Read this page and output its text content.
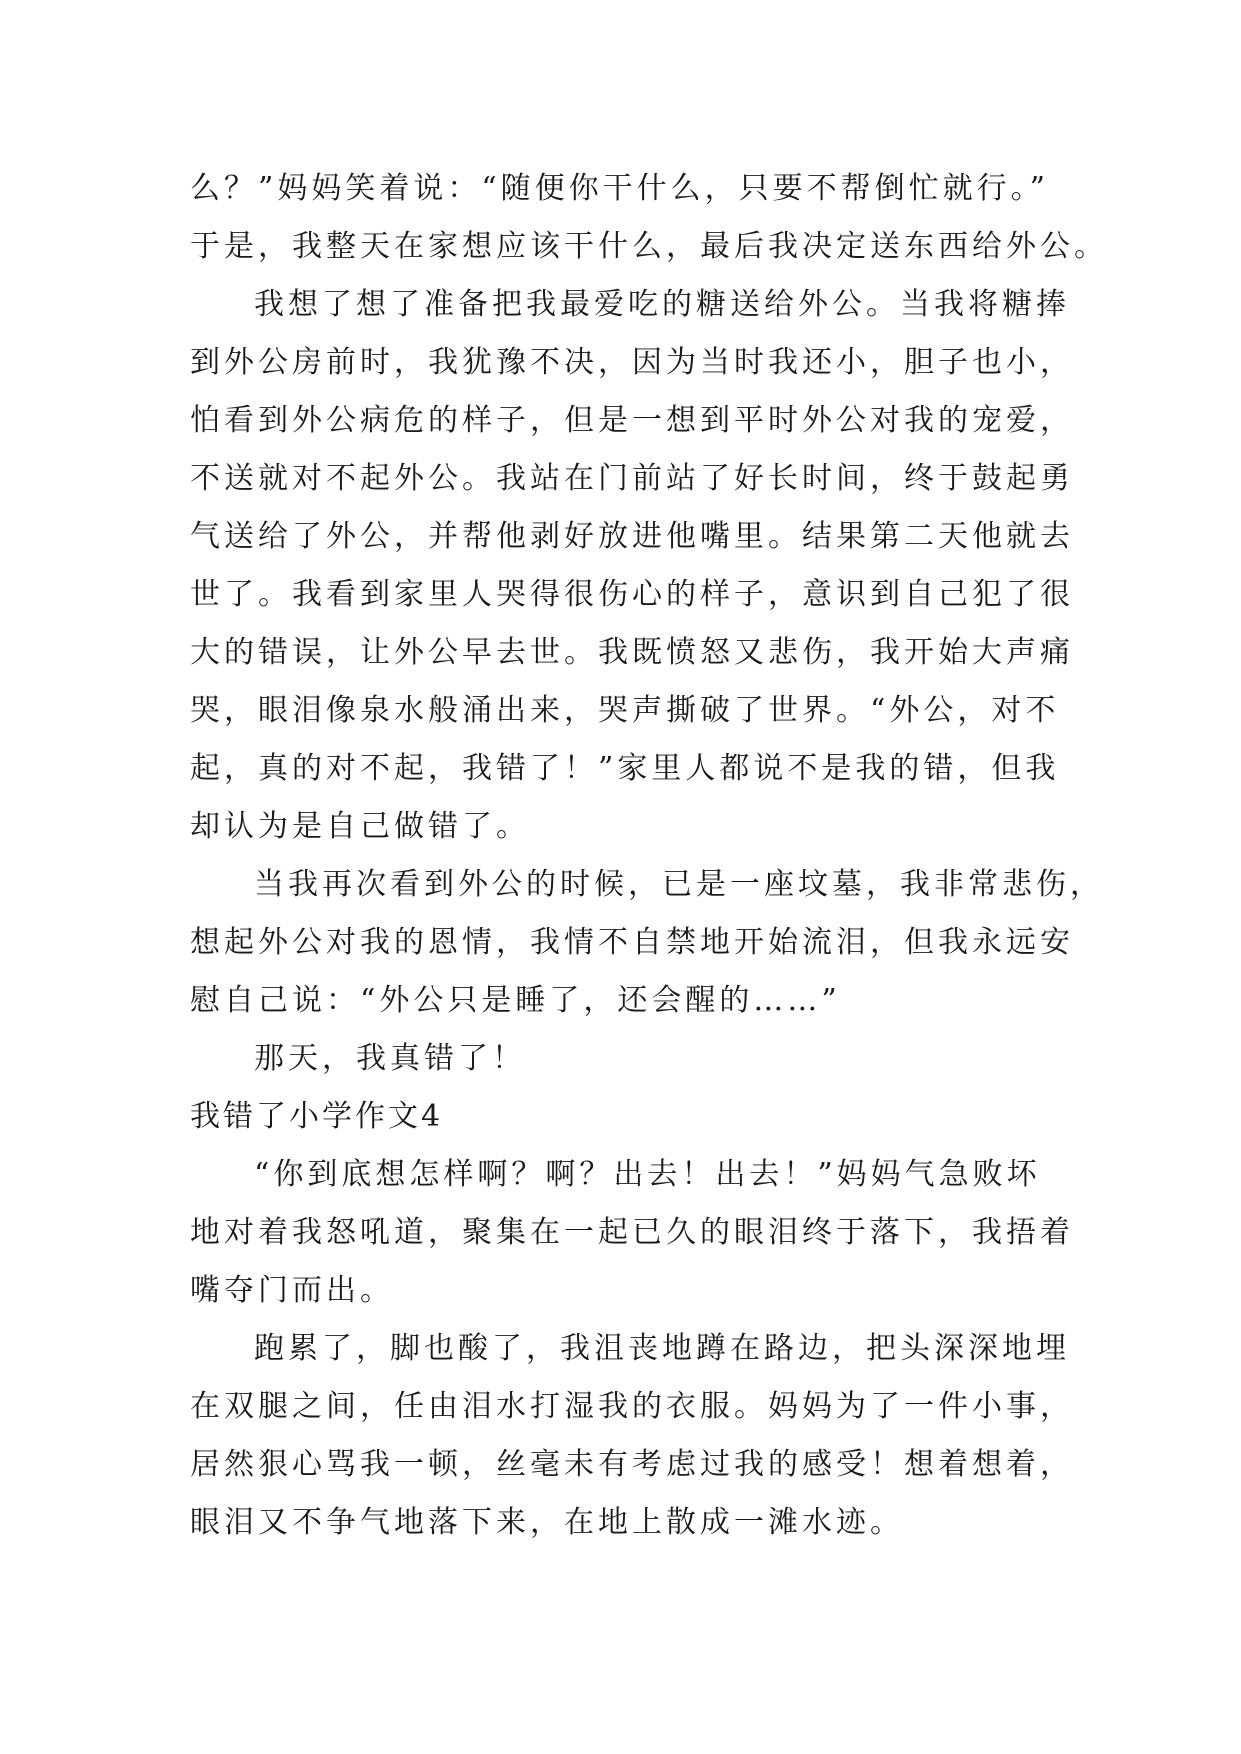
么？”妈妈笑着说：“随便你干什么，只要不帮倒忙就行。”
于是，我整天在家想应该干什么，最后我决定送东西给外公。
我想了想了准备把我最爱吃的糖送给外公。当我将糖捧
到外公房前时，我犹豫不决，因为当时我还小，胆子也小，
怕看到外公病危的样子，但是一想到平时外公对我的宠爱，
不送就对不起外公。我站在门前站了好长时间，终于鼓起勇
气送给了外公，并帮他剥好放进他嘴里。结果第二天他就去
世了。我看到家里人哭得很伤心的样子，意识到自己犯了很
大的错误，让外公早去世。我既愤怒又悲伤，我开始大声痛
哭，眼泪像泉水般涌出来，哭声撕破了世界。“外公，对不
起，真的对不起，我错了！”家里人都说不是我的错，但我
却认为是自己做错了。
当我再次看到外公的时候，已是一座坟墓，我非常悲伤，
想起外公对我的恩情，我情不自禁地开始流泪，但我永远安
慰自己说：“外公只是睡了，还会醒的……”
那天，我真错了！
我错了小学作文4
“你到底想怎样啊？啊？出去！出去！”妈妈气急败坏
地对着我怒吼道，聚集在一起已久的眼泪终于落下，我捂着
嘴夺门而出。
跑累了，脚也酸了，我沮丧地蹲在路边，把头深深地埋
在双腿之间，任由泪水打湿我的衣服。妈妈为了一件小事，
居然狠心骂我一顿，丝毫未有考虑过我的感受！想着想着，
眼泪又不争气地落下来，在地上散成一滩水迹。
